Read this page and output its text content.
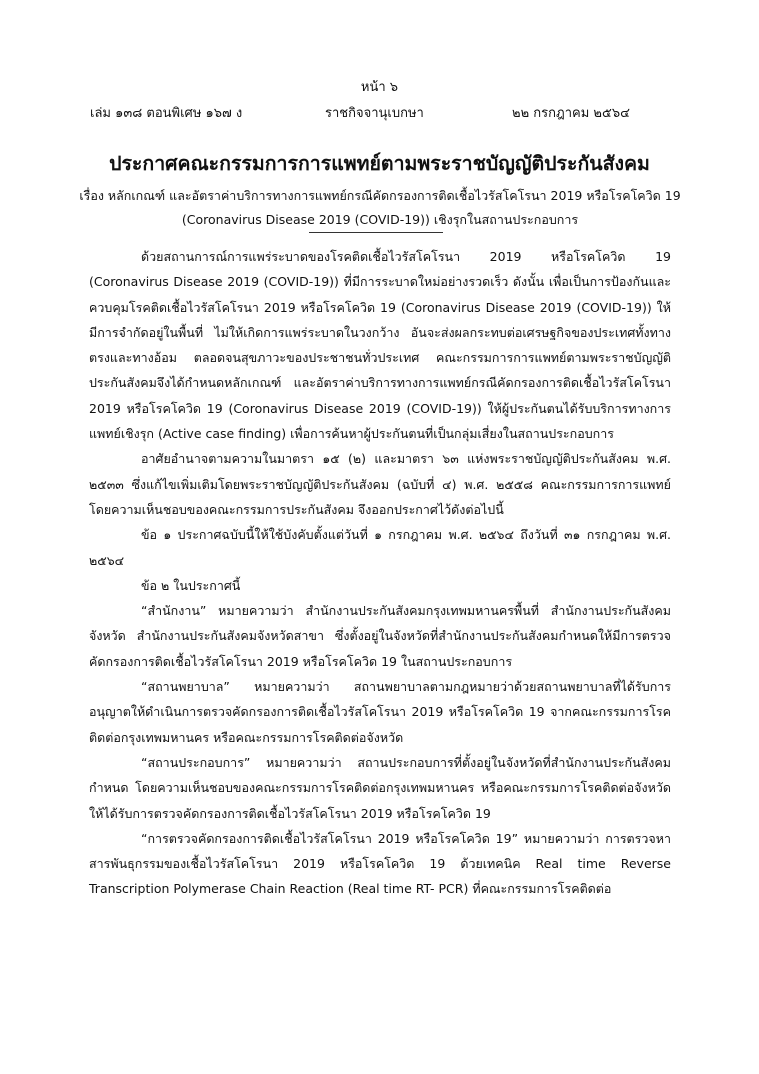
หน้า ๖
เล่ม ๑๓๘ ตอนพิเศษ ๑๖๗ ง	ราชกิจจานุเบกษา	๒๒ กรกฎาคม ๒๕๖๔
ประกาศคณะกรรมการการแพทย์ตามพระราชบัญญัติประกันสังคม
เรื่อง หลักเกณฑ์ และอัตราค่าบริการทางการแพทย์กรณีคัดกรองการติดเชื้อไวรัสโคโรนา 2019 หรือโรคโควิด 19 (Coronavirus Disease 2019 (COVID-19)) เชิงรุกในสถานประกอบการ

ด้วยสถานการณ์การแพร่ระบาดของโรคติดเชื้อไวรัสโคโรนา 2019 หรือโรคโควิด 19 (Coronavirus Disease 2019 (COVID-19)) ที่มีการระบาดใหม่อย่างรวดเร็ว ดังนั้น เพื่อเป็นการป้องกันและควบคุมโรคติดเชื้อไวรัสโคโรนา 2019 หรือโรคโควิด 19 (Coronavirus Disease 2019 (COVID-19)) ให้มีการจำกัดอยู่ในพื้นที่ ไม่ให้เกิดการแพร่ระบาดในวงกว้าง อันจะส่งผลกระทบต่อเศรษฐกิจของประเทศทั้งทางตรงและทางอ้อม ตลอดจนสุขภาวะของประชาชนทั่วประเทศ คณะกรรมการการแพทย์ตามพระราชบัญญัติประกันสังคมจึงได้กำหนดหลักเกณฑ์ และอัตราค่าบริการทางการแพทย์กรณีคัดกรองการติดเชื้อไวรัสโคโรนา 2019 หรือโรคโควิด 19 (Coronavirus Disease 2019 (COVID-19)) ให้ผู้ประกันตนได้รับบริการทางการแพทย์เชิงรุก (Active case finding) เพื่อการค้นหาผู้ประกันตนที่เป็นกลุ่มเสี่ยงในสถานประกอบการ

อาศัยอำนาจตามความในมาตรา ๑๕ (๒) และมาตรา ๖๓ แห่งพระราชบัญญัติประกันสังคม พ.ศ. ๒๕๓๓ ซึ่งแก้ไขเพิ่มเติมโดยพระราชบัญญัติประกันสังคม (ฉบับที่ ๔) พ.ศ. ๒๕๕๘ คณะกรรมการการแพทย์ โดยความเห็นชอบของคณะกรรมการประกันสังคม จึงออกประกาศไว้ดังต่อไปนี้

ข้อ ๑ ประกาศฉบับนี้ให้ใช้บังคับตั้งแต่วันที่ ๑ กรกฎาคม พ.ศ. ๒๕๖๔ ถึงวันที่ ๓๑ กรกฎาคม พ.ศ. ๒๕๖๔

ข้อ ๒ ในประกาศนี้

“สำนักงาน” หมายความว่า สำนักงานประกันสังคมกรุงเทพมหานครพื้นที่ สำนักงานประกันสังคมจังหวัด สำนักงานประกันสังคมจังหวัดสาขา ซึ่งตั้งอยู่ในจังหวัดที่สำนักงานประกันสังคมกำหนดให้มีการตรวจคัดกรองการติดเชื้อไวรัสโคโรนา 2019 หรือโรคโควิด 19 ในสถานประกอบการ

“สถานพยาบาล” หมายความว่า สถานพยาบาลตามกฎหมายว่าด้วยสถานพยาบาลที่ได้รับการอนุญาตให้ดำเนินการตรวจคัดกรองการติดเชื้อไวรัสโคโรนา 2019 หรือโรคโควิด 19 จากคณะกรรมการโรคติดต่อกรุงเทพมหานคร หรือคณะกรรมการโรคติดต่อจังหวัด

“สถานประกอบการ” หมายความว่า สถานประกอบการที่ตั้งอยู่ในจังหวัดที่สำนักงานประกันสังคมกำหนด โดยความเห็นชอบของคณะกรรมการโรคติดต่อกรุงเทพมหานคร หรือคณะกรรมการโรคติดต่อจังหวัด ให้ได้รับการตรวจคัดกรองการติดเชื้อไวรัสโคโรนา 2019 หรือโรคโควิด 19

“การตรวจคัดกรองการติดเชื้อไวรัสโคโรนา 2019 หรือโรคโควิด 19” หมายความว่า การตรวจหาสารพันธุกรรมของเชื้อไวรัสโคโรนา 2019 หรือโรคโควิด 19 ด้วยเทคนิค Real time Reverse Transcription Polymerase Chain Reaction (Real time RT- PCR) ที่คณะกรรมการโรคติดต่อ
